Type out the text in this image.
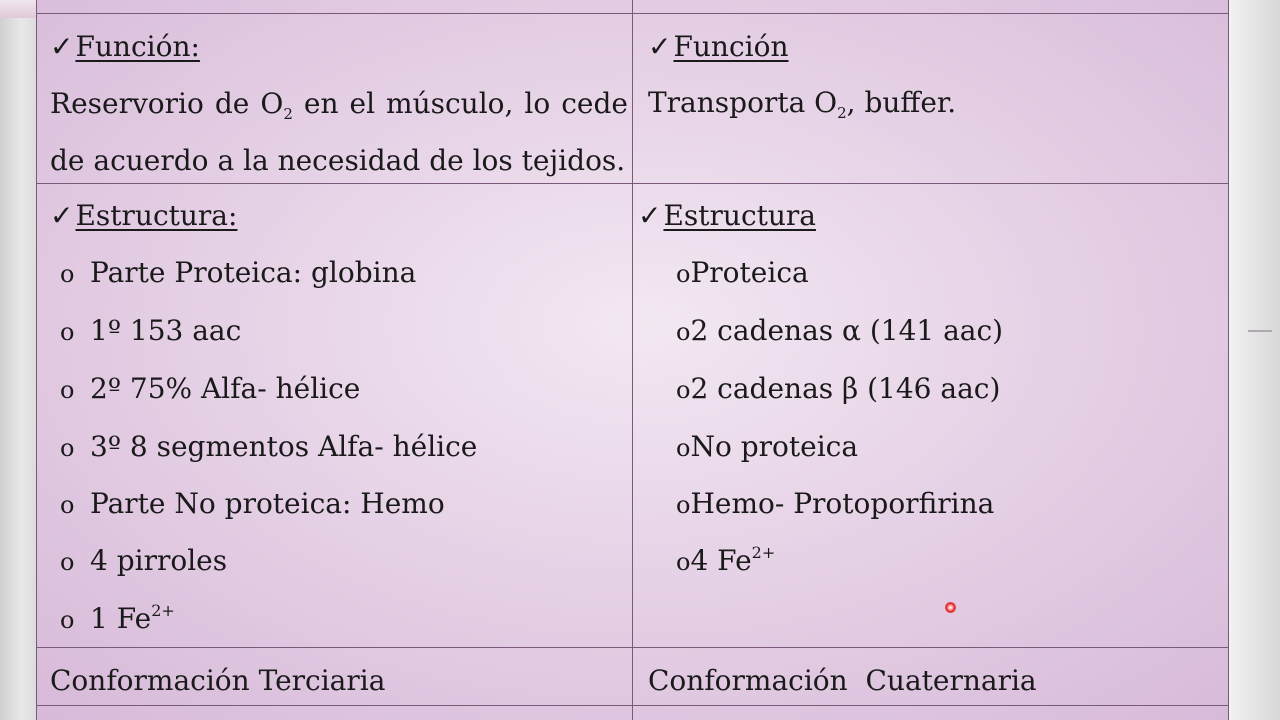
✓Función:
Reservorio de $O_2$ en el músculo, lo cede
de acuerdo a la necesidad de los tejidos.
✓Función
Transporta $O_2$, buffer.
✓Estructura:
o Parte Proteica: globina
o 1º 153 aac
o 2º 75% Alfa- hélice
o 3º 8 segmentos Alfa- hélice
o Parte No proteica: Hemo
o 4 pirroles
o 1 $Fe^{2+}$
✓Estructura
oProteica
o2 cadenas α (141 aac)
o2 cadenas β (146 aac)
oNo proteica
oHemo- Protoporfirina
o4 $Fe^{2+}$
Conformación Terciaria	Conformación  Cuaternaria
